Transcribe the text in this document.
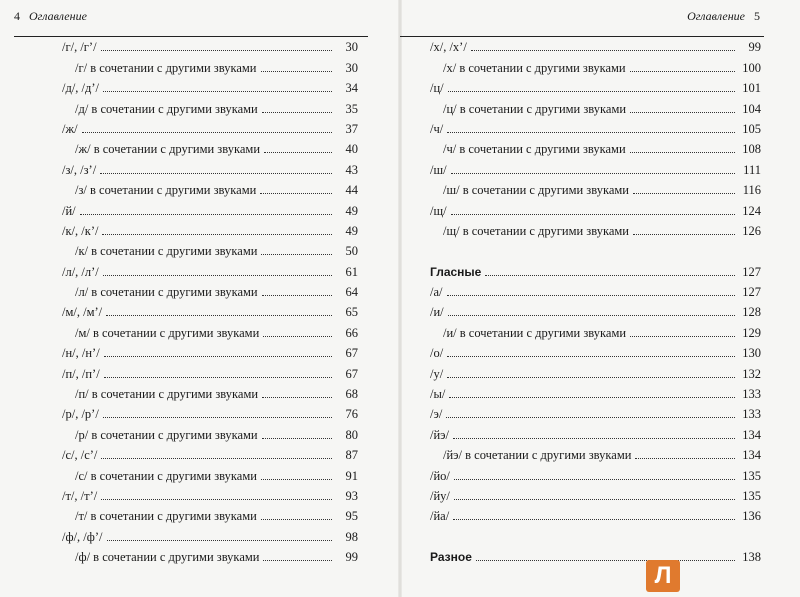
4 Оглавление
/г/, /г’/	30
/г/ в сочетании с другими звуками	30
/д/, /д’/	34
/д/ в сочетании с другими звуками	35
/ж/	37
/ж/ в сочетании с другими звуками	40
/з/, /з’/	43
/з/ в сочетании с другими звуками	44
/й/	49
/к/, /к’/	49
/к/ в сочетании с другими звуками	50
/л/, /л’/	61
/л/ в сочетании с другими звуками	64
/м/, /м’/	65
/м/ в сочетании с другими звуками	66
/н/, /н’/	67
/п/, /п’/	67
/п/ в сочетании с другими звуками	68
/р/, /р’/	76
/р/ в сочетании с другими звуками	80
/с/, /с’/	87
/с/ в сочетании с другими звуками	91
/т/, /т’/	93
/т/ в сочетании с другими звуками	95
/ф/, /ф’/	98
/ф/ в сочетании с другими звуками	99
Оглавление 5
/х/, /х’/	99
/х/ в сочетании с другими звуками	100
/ц/	101
/ц/ в сочетании с другими звуками	104
/ч/	105
/ч/ в сочетании с другими звуками	108
/ш/	111
/ш/ в сочетании с другими звуками	116
/щ/	124
/щ/ в сочетании с другими звуками	126
Гласные	127
/а/	127
/и/	128
/и/ в сочетании с другими звуками	129
/о/	130
/у/	132
/ы/	133
/э/	133
/йэ/	134
/йэ/ в сочетании с другими звуками	134
/йо/	135
/йу/	135
/йа/	136
Разное	138
Л
